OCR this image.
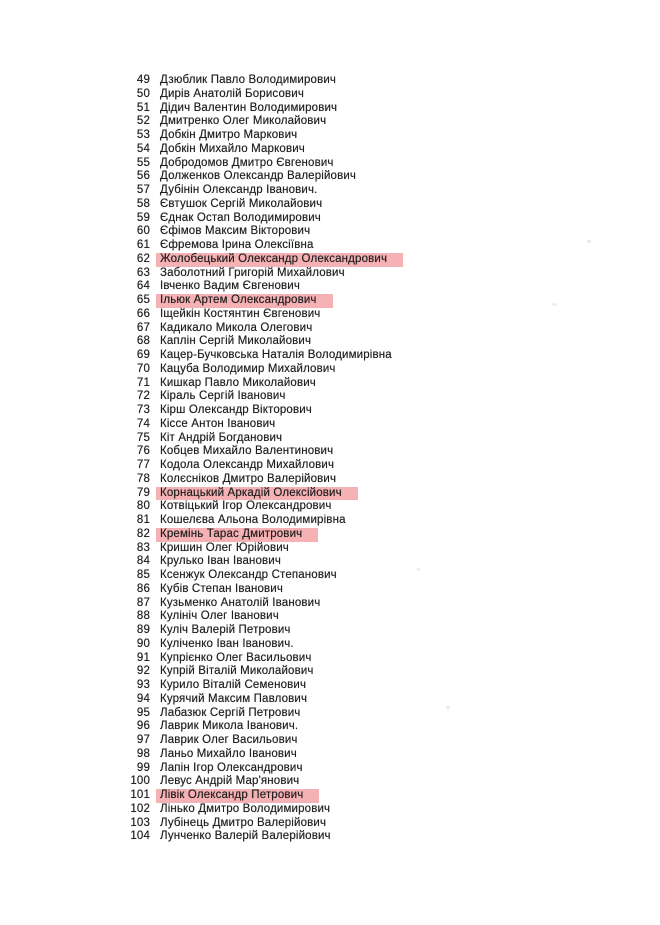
49 Дзюблик Павло Володимирович
50 Дирів Анатолій Борисович
51 Дідич Валентин Володимирович
52 Дмитренко Олег Миколайович
53 Добкін Дмитро Маркович
54 Добкін Михайло Маркович
55 Добродомов Дмитро Євгенович
56 Долженков Олександр Валерійович
57 Дубінін Олександр Іванович.
58 Євтушок Сергій Миколайович
59 Єднак Остап Володимирович
60 Єфімов Максим Вікторович
61 Єфремова Ірина Олексіївна
62 Жолобецький Олександр Олександрович
63 Заболотний Григорій Михайлович
64 Івченко Вадим Євгенович
65 Ільюк Артем Олександрович
66 Іщейкін Костянтин Євгенович
67 Кадикало Микола Олегович
68 Каплін Сергій Миколайович
69 Кацер-Бучковська Наталія Володимирівна
70 Кацуба Володимир Михайлович
71 Кишкар Павло Миколайович
72 Кіраль Сергій Іванович
73 Кірш Олександр Вікторович
74 Кіссе Антон Іванович
75 Кіт Андрій Богданович
76 Кобцев Михайло Валентинович
77 Кодола Олександр Михайлович
78 Колєсніков Дмитро Валерійович
79 Корнацький Аркадій Олексійович
80 Котвіцький Ігор Олександрович
81 Кошелєва Альона Володимирівна
82 Кремінь Тарас Дмитрович
83 Кришин Олег Юрійович
84 Крулько Іван Іванович
85 Ксенжук Олександр Степанович
86 Кубів Степан Іванович
87 Кузьменко Анатолій Іванович
88 Кулініч Олег Іванович
89 Куліч Валерій Петрович
90 Куліченко Іван Іванович.
91 Купрієнко Олег Васильович
92 Купрій Віталій Миколайович
93 Курило Віталій Семенович
94 Курячий Максим Павлович
95 Лабазюк Сергій Петрович
96 Лаврик Микола Іванович.
97 Лаврик Олег Васильович
98 Ланьо Михайло Іванович
99 Лапін Ігор Олександрович
100 Левус Андрій Мар'янович
101 Лівік Олександр Петрович
102 Лінько Дмитро Володимирович
103 Лубінець Дмитро Валерійович
104 Лунченко Валерій Валерійович
